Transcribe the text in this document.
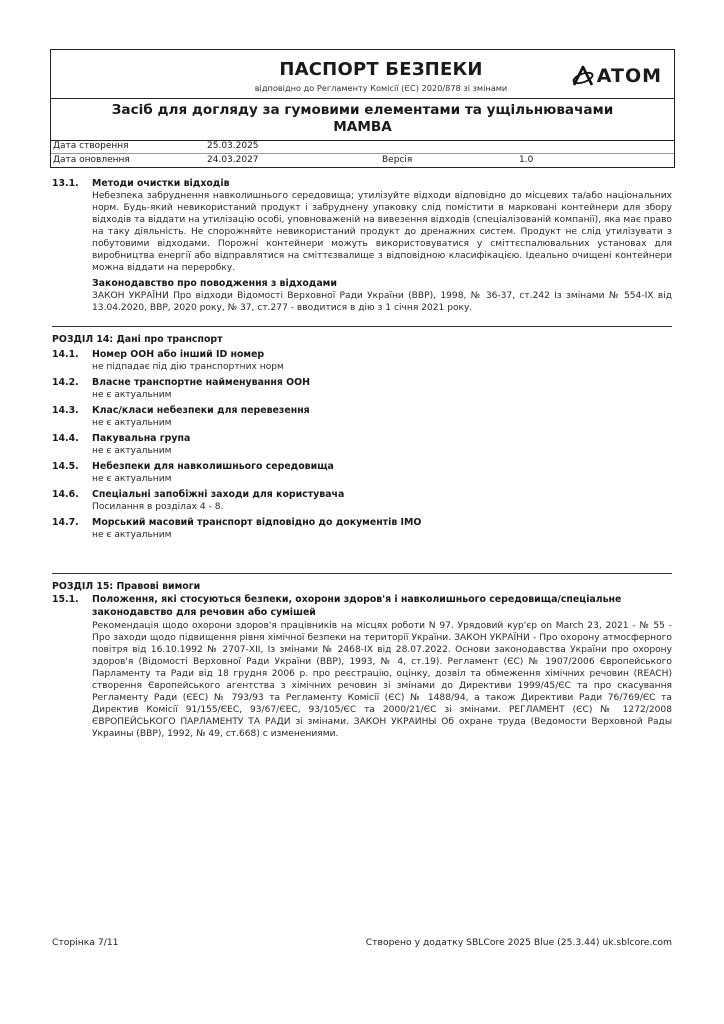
ПАСПОРТ БЕЗПЕКИ
відповідно до Регламенту Комісії (ЄС) 2020/878 зі змінами
ATOM
Засіб для догляду за гумовими елементами та ущільнювачами
MAMBA
Дата створення	25.03.2025
Дата оновлення	24.03.2027	Версія	1.0
13.1.	Методи очистки відходів
Небезпека забруднення навколишнього середовища; утилізуйте відходи відповідно до місцевих та/або національних норм. Будь-який невикористаний продукт і забруднену упаковку слід помістити в марковані контейнери для збору відходів та віддати на утилізацію особі, уповноваженій на вивезення відходів (спеціалізованій компанії), яка має право на таку діяльність. Не спорожняйте невикористаний продукт до дренажних систем. Продукт не слід утилізувати з побутовими відходами. Порожні контейнери можуть використовуватися у сміттєспалювальних установах для виробництва енергії або відправлятися на сміттєзвалище з відповідною класифікацією. Ідеально очищені контейнери можна віддати на переробку.
Законодавство про поводження з відходами
ЗАКОН УКРАЇНИ Про відходи Відомості Верховної Ради України (ВВР), 1998, № 36-37, ст.242 Із змінами № 554-IX від 13.04.2020, ВВР, 2020 року, № 37, ст.277 - вводитися в дію з 1 січня 2021 року.
РОЗДІЛ 14: Дані про транспорт
14.1.	Номер ООН або інший ID номер
не підпадає під дію транспортних норм
14.2.	Власне транспортне найменування ООН
не є актуальним
14.3.	Клас/класи небезпеки для перевезення
не є актуальним
14.4.	Пакувальна група
не є актуальним
14.5.	Небезпеки для навколишнього середовища
не є актуальним
14.6.	Спеціальні запобіжні заходи для користувача
Посилання в розділах 4 - 8.
14.7.	Морський масовий транспорт відповідно до документів IMO
не є актуальним
РОЗДІЛ 15: Правові вимоги
15.1.	Положення, які стосуються безпеки, охорони здоров'я і навколишнього середовища/спеціальне законодавство для речовин або сумішей
Рекомендація щодо охорони здоров'я працівників на місцях роботи N 97. Урядовий кур'єр on March 23, 2021 - № 55 - Про заходи щодо підвищення рівня хімічної безпеки на території України. ЗАКОН УКРАЇНИ - Про охорону атмосферного повітря від 16.10.1992 № 2707-XII, Із змінами № 2468-IX від 28.07.2022. Основи законодавства України про охорону здоров'я (Відомості Верховної Ради України (ВВР), 1993, № 4, ст.19). Регламент (ЄС) № 1907/2006 Європейського Парламенту та Ради від 18 грудня 2006 р. про реєстрацію, оцінку, дозвіл та обмеження хімічних речовин (REACH) створення Європейського агентства з хімічних речовин зі змінами до Директиви 1999/45/ЄС та про скасування Регламенту Ради (ЄЕС) № 793/93 та Регламенту Комісії (ЄС) № 1488/94, а також Директиви Ради 76/769/ЄС та Директив Комісії 91/155/ЄЕС, 93/67/ЄЕС, 93/105/ЄС та 2000/21/ЄС зі змінами. РЕГЛАМЕНТ (ЄС) № 1272/2008 ЄВРОПЕЙСЬКОГО ПАРЛАМЕНТУ ТА РАДИ зі змінами. ЗАКОН УКРАИНЫ Об охране труда (Ведомости Верховной Рады Украины (ВВР), 1992, № 49, ст.668) с изменениями.
Сторінка 7/11	Створено у додатку SBLCore 2025 Blue (25.3.44) uk.sblcore.com
